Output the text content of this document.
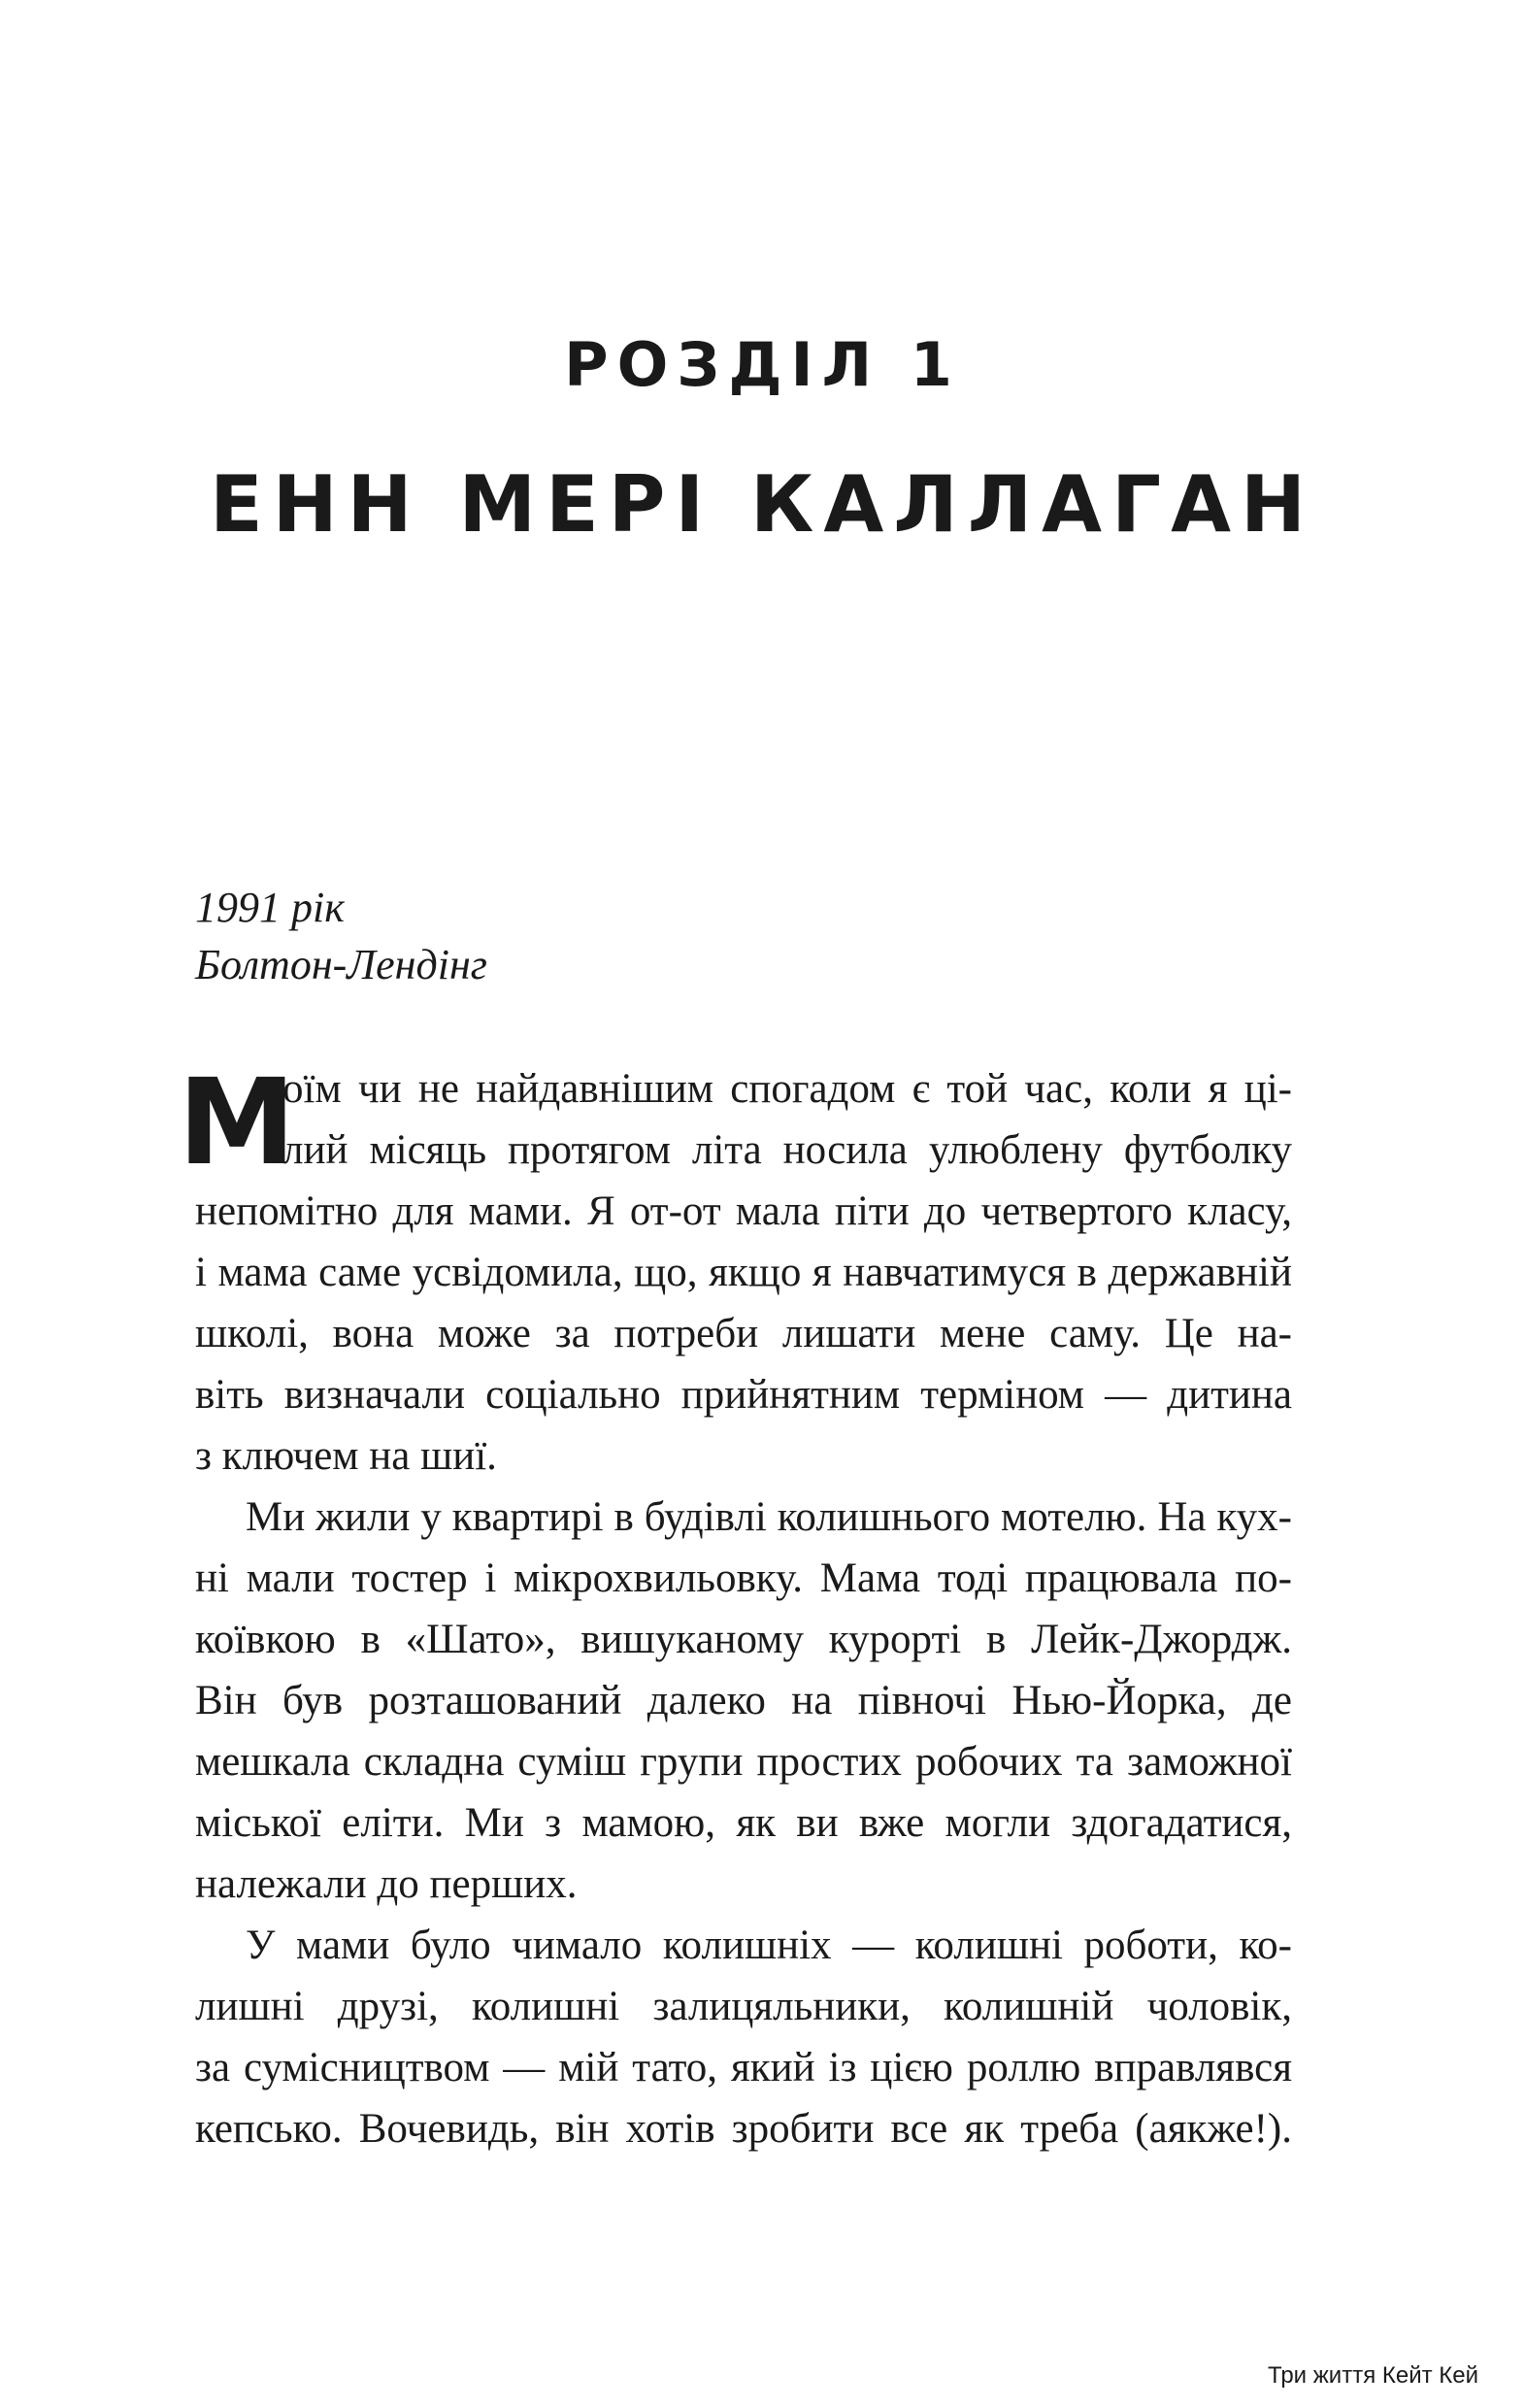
РОЗДІЛ 1
ЕНН МЕРІ КАЛЛАГАН
1991 рік
Болтон-Лендінг
М
оїм чи не найдавнішим спогадом є той час, коли я ці-
лий місяць протягом літа носила улюблену футболку
непомітно для мами. Я от-от мала піти до четвертого класу,
і мама саме усвідомила, що, якщо я навчатимуся в державній
школі, вона може за потреби лишати мене саму. Це на-
віть визначали соціально прийнятним терміном — дитина
з ключем на шиї.
Ми жили у квартирі в будівлі колишнього мотелю. На кух-
ні мали тостер і мікрохвильовку. Мама тоді працювала по-
коївкою в «Шато», вишуканому курорті в Лейк-Джордж.
Він був розташований далеко на півночі Нью-Йорка, де
мешкала складна суміш групи простих робочих та заможної
міської еліти. Ми з мамою, як ви вже могли здогадатися,
належали до перших.
У мами було чимало колишніх — колишні роботи, ко-
лишні друзі, колишні залицяльники, колишній чоловік,
за сумісництвом — мій тато, який із цією роллю вправлявся
кепсько. Вочевидь, він хотів зробити все як треба (аякже!).
Три життя Кейт Кей
